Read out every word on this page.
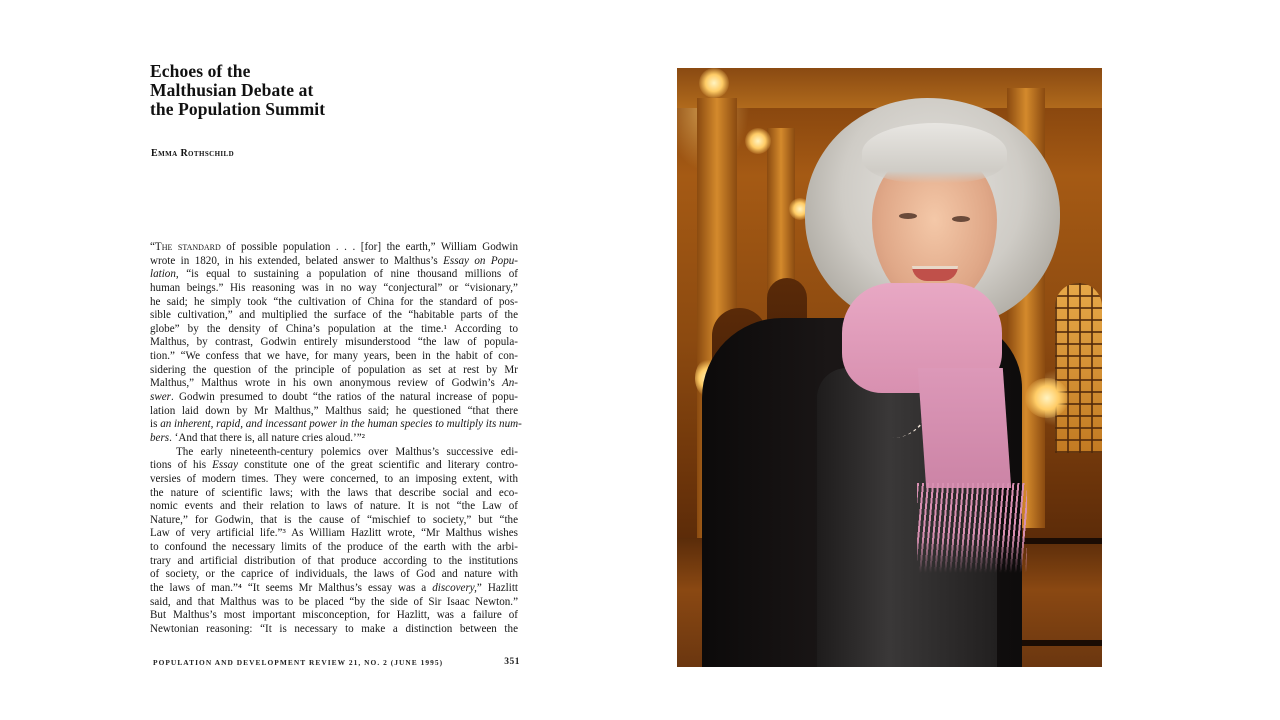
Echoes of the
Malthusian Debate at
the Population Summit
Emma Rothschild
“The standard of possible population . . . [for] the earth,” William Godwin
wrote in 1820, in his extended, belated answer to Malthus’s Essay on Popu-
lation, “is equal to sustaining a population of nine thousand millions of
human beings.” His reasoning was in no way “conjectural” or “visionary,”
he said; he simply took “the cultivation of China for the standard of pos-
sible cultivation,” and multiplied the surface of the “habitable parts of the
globe” by the density of China’s population at the time.¹ According to
Malthus, by contrast, Godwin entirely misunderstood “the law of popula-
tion.” “We confess that we have, for many years, been in the habit of con-
sidering the question of the principle of population as set at rest by Mr
Malthus,” Malthus wrote in his own anonymous review of Godwin’s An-
swer. Godwin presumed to doubt “the ratios of the natural increase of popu-
lation laid down by Mr Malthus,” Malthus said; he questioned “that there
is an inherent, rapid, and incessant power in the human species to multiply its num-
bers. ‘And that there is, all nature cries aloud.’”²
The early nineteenth-century polemics over Malthus’s successive edi-
tions of his Essay constitute one of the great scientific and literary contro-
versies of modern times. They were concerned, to an imposing extent, with
the nature of scientific laws; with the laws that describe social and eco-
nomic events and their relation to laws of nature. It is not “the Law of
Nature,” for Godwin, that is the cause of “mischief to society,” but “the
Law of very artificial life.”³ As William Hazlitt wrote, “Mr Malthus wishes
to confound the necessary limits of the produce of the earth with the arbi-
trary and artificial distribution of that produce according to the institutions
of society, or the caprice of individuals, the laws of God and nature with
the laws of man.”⁴ “It seems Mr Malthus’s essay was a discovery,” Hazlitt
said, and that Malthus was to be placed “by the side of Sir Isaac Newton.”
But Malthus’s most important misconception, for Hazlitt, was a failure of
Newtonian reasoning: “It is necessary to make a distinction between the
POPULATION AND DEVELOPMENT REVIEW 21, NO. 2 (JUNE 1995)	351
